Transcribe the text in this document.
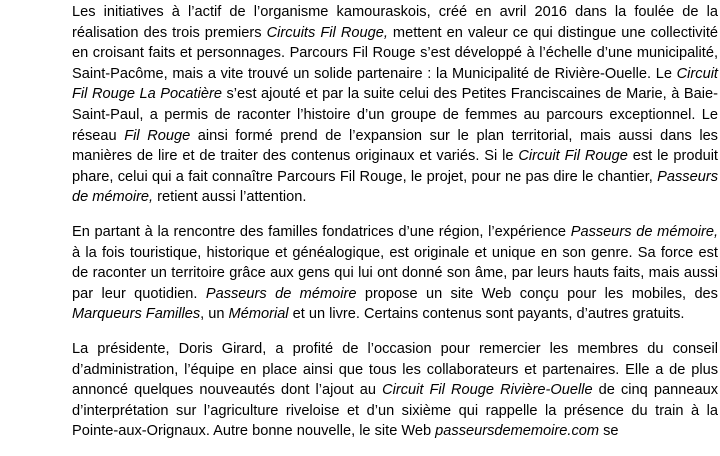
Les initiatives à l’actif de l’organisme kamouraskois, créé en avril 2016 dans la foulée de la réalisation des trois premiers Circuits Fil Rouge, mettent en valeur ce qui distingue une collectivité en croisant faits et personnages. Parcours Fil Rouge s’est développé à l’échelle d’une municipalité, Saint-Pacôme, mais a vite trouvé un solide partenaire : la Municipalité de Rivière-Ouelle. Le Circuit Fil Rouge La Pocatière s’est ajouté et par la suite celui des Petites Franciscaines de Marie, à Baie-Saint-Paul, a permis de raconter l’histoire d’un groupe de femmes au parcours exceptionnel. Le réseau Fil Rouge ainsi formé prend de l’expansion sur le plan territorial, mais aussi dans les manières de lire et de traiter des contenus originaux et variés. Si le Circuit Fil Rouge est le produit phare, celui qui a fait connaître Parcours Fil Rouge, le projet, pour ne pas dire le chantier, Passeurs de mémoire, retient aussi l’attention.

En partant à la rencontre des familles fondatrices d’une région, l’expérience Passeurs de mémoire, à la fois touristique, historique et généalogique, est originale et unique en son genre. Sa force est de raconter un territoire grâce aux gens qui lui ont donné son âme, par leurs hauts faits, mais aussi par leur quotidien. Passeurs de mémoire propose un site Web conçu pour les mobiles, des Marqueurs Familles, un Mémorial et un livre. Certains contenus sont payants, d’autres gratuits.

La présidente, Doris Girard, a profité de l’occasion pour remercier les membres du conseil d’administration, l’équipe en place ainsi que tous les collaborateurs et partenaires. Elle a de plus annoncé quelques nouveautés dont l’ajout au Circuit Fil Rouge Rivière-Ouelle de cinq panneaux d’interprétation sur l’agriculture riveloise et d’un sixième qui rappelle la présence du train à la Pointe-aux-Orignaux. Autre bonne nouvelle, le site Web passeursdememoire.com se
